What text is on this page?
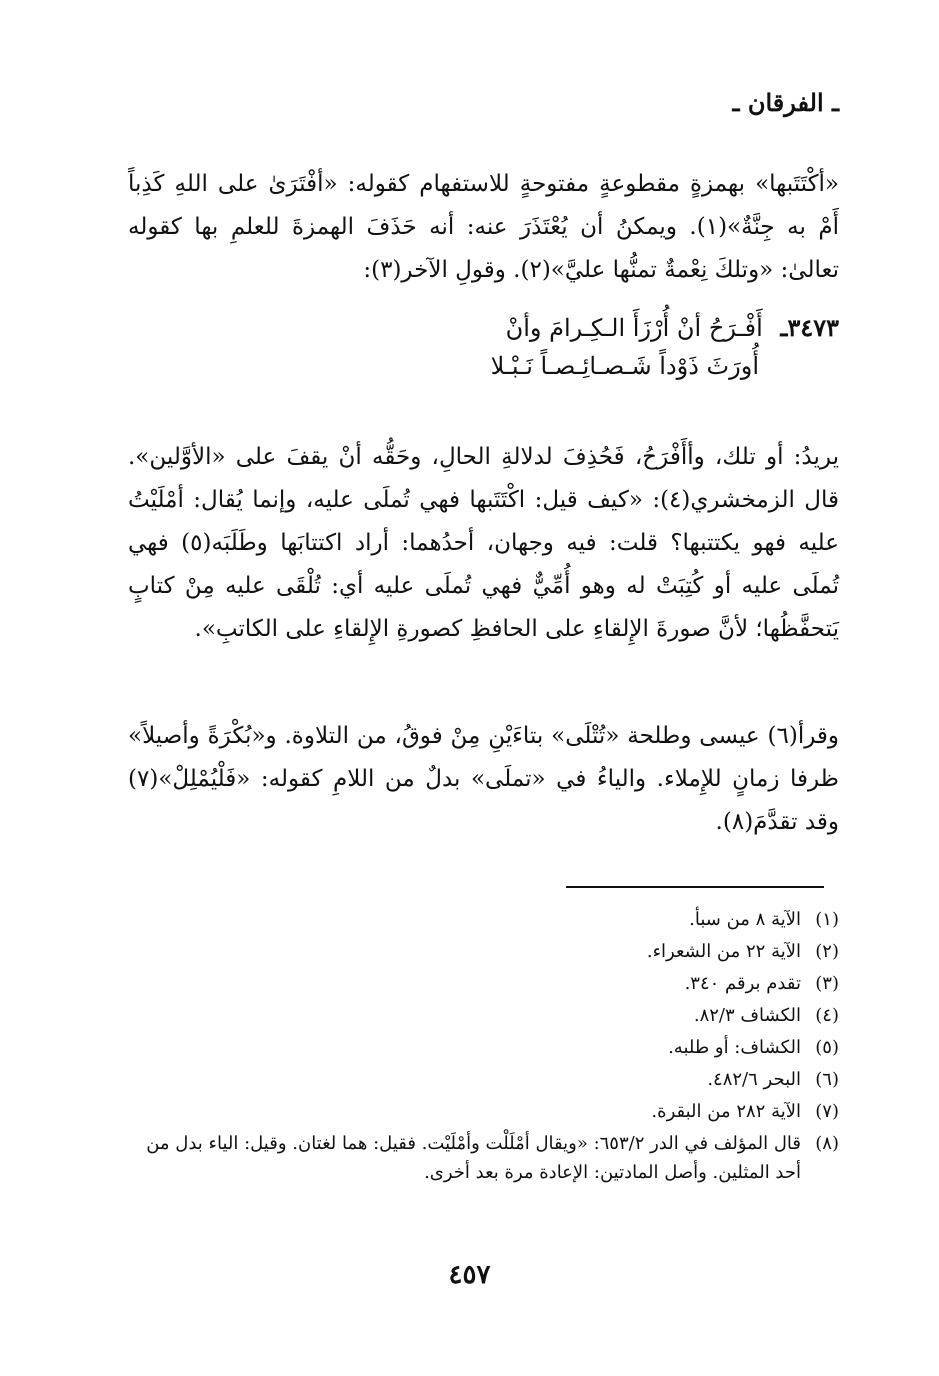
ـ الفرقان ـ
«أكْتَتَبها» بهمزةٍ مقطوعةٍ مفتوحةٍ للاستفهام كقوله: «أفْتَرَىٰ على اللهِ كَذِباً أَمْ به جِنَّةٌ»(١). ويمكنُ أن يُعْتَذَرَ عنه: أنه حَذَفَ الهمزةَ للعلمِ بها كقوله تعالىٰ: «وتلكَ نِعْمةٌ تمنُّها عليَّ»(٢). وقولِ الآخر(٣):
٣٤٧٣ـ أَفْـرَحُ أنْ أُرْزَأَ الـكِـرامَ وأنْ
أُورَثَ ذَوْداً شَـصـائِـصـاً نَـبْـلا
يريدُ: أو تلك، وأأَفْرَحُ، فَحُذِفَ لدلالةِ الحالِ، وحَقُّه أنْ يقفَ على «الأوَّلين». قال الزمخشري(٤): «كيف قيل: اكْتَتَبها فهي تُملَى عليه، وإنما يُقال: أمْلَيْتُ عليه فهو يكتتبها؟ قلت: فيه وجهان، أحدُهما: أراد اكتتابَها وطَلَبَه(٥) فهي تُملَى عليه أو كُتِبَتْ له وهو أُمِّيٌّ فهي تُملَى عليه أي: تُلْقَى عليه مِنْ كتابٍ يَتحفَّظُها؛ لأنَّ صورةَ الإِلقاءِ على الحافظِ كصورةِ الإِلقاءِ على الكاتبِ».
وقرأ(٦) عيسى وطلحة «تُتْلَى» بتاءَيْنِ مِنْ فوقُ، من التلاوة. و«بُكْرَةً وأصيلاً» ظرفا زمانٍ للإِملاء. والياءُ في «تملَى» بدلٌ من اللامِ كقوله: «فَلْيُمْلِلْ»(٧) وقد تقدَّمَ(٨).
(١)
الآية ٨ من سبأ.
(٢)
الآية ٢٢ من الشعراء.
(٣)
تقدم برقم ٣٤٠.
(٤)
الكشاف ٨٢/٣.
(٥)
الكشاف: أو طلبه.
(٦)
البحر ٤٨٢/٦.
(٧)
الآية ٢٨٢ من البقرة.
(٨)
قال المؤلف في الدر ٦٥٣/٢: «ويقال أمْلَلْت وأمْلَيْت. فقيل: هما لغتان. وقيل: الياء بدل من أحد المثلين. وأصل المادتين: الإعادة مرة بعد أخرى.
٤٥٧
